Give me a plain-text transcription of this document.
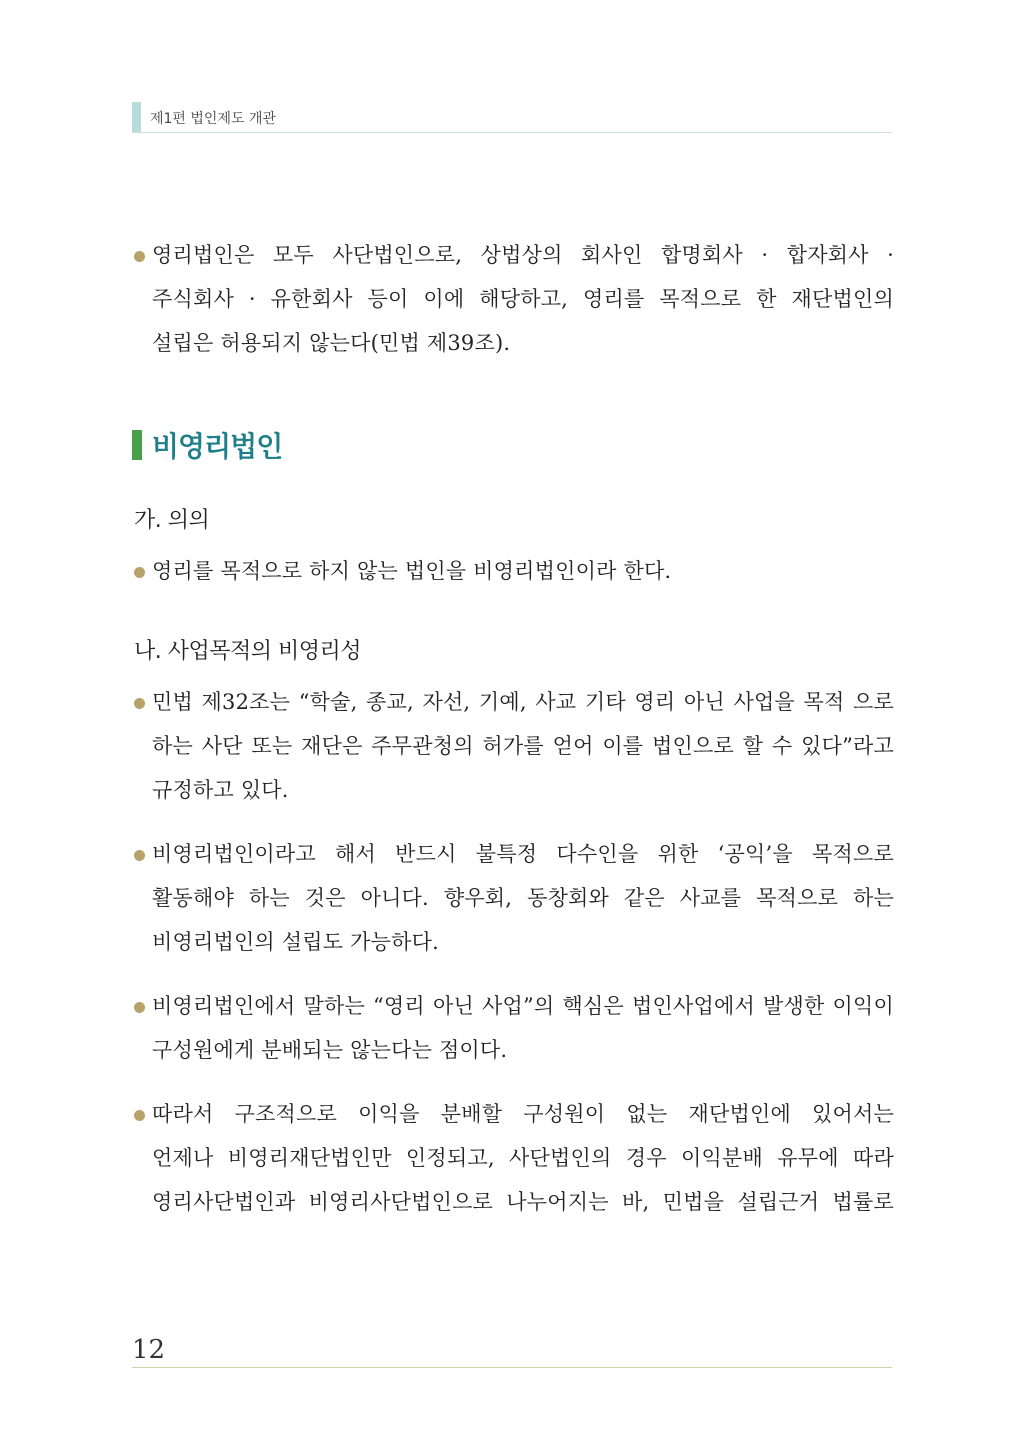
제1편 법인제도 개관
영리법인은 모두 사단법인으로, 상법상의 회사인 합명회사 · 합자회사 ·
주식회사 · 유한회사 등이 이에 해당하고, 영리를 목적으로 한 재단법인의
설립은 허용되지 않는다(민법 제39조).
비영리법인
가. 의의
영리를 목적으로 하지 않는 법인을 비영리법인이라 한다.
나. 사업목적의 비영리성
민법 제32조는 “학술, 종교, 자선, 기예, 사교 기타 영리 아닌 사업을 목적 으로
하는 사단 또는 재단은 주무관청의 허가를 얻어 이를 법인으로 할 수 있다”라고
규정하고 있다.
비영리법인이라고 해서 반드시 불특정 다수인을 위한 ‘공익’을 목적으로
활동해야 하는 것은 아니다. 향우회, 동창회와 같은 사교를 목적으로 하는
비영리법인의 설립도 가능하다.
비영리법인에서 말하는 “영리 아닌 사업”의 핵심은 법인사업에서 발생한 이익이
구성원에게 분배되는 않는다는 점이다.
따라서 구조적으로 이익을 분배할 구성원이 없는 재단법인에 있어서는
언제나 비영리재단법인만 인정되고, 사단법인의 경우 이익분배 유무에 따라
영리사단법인과 비영리사단법인으로 나누어지는 바, 민법을 설립근거 법률로
12
